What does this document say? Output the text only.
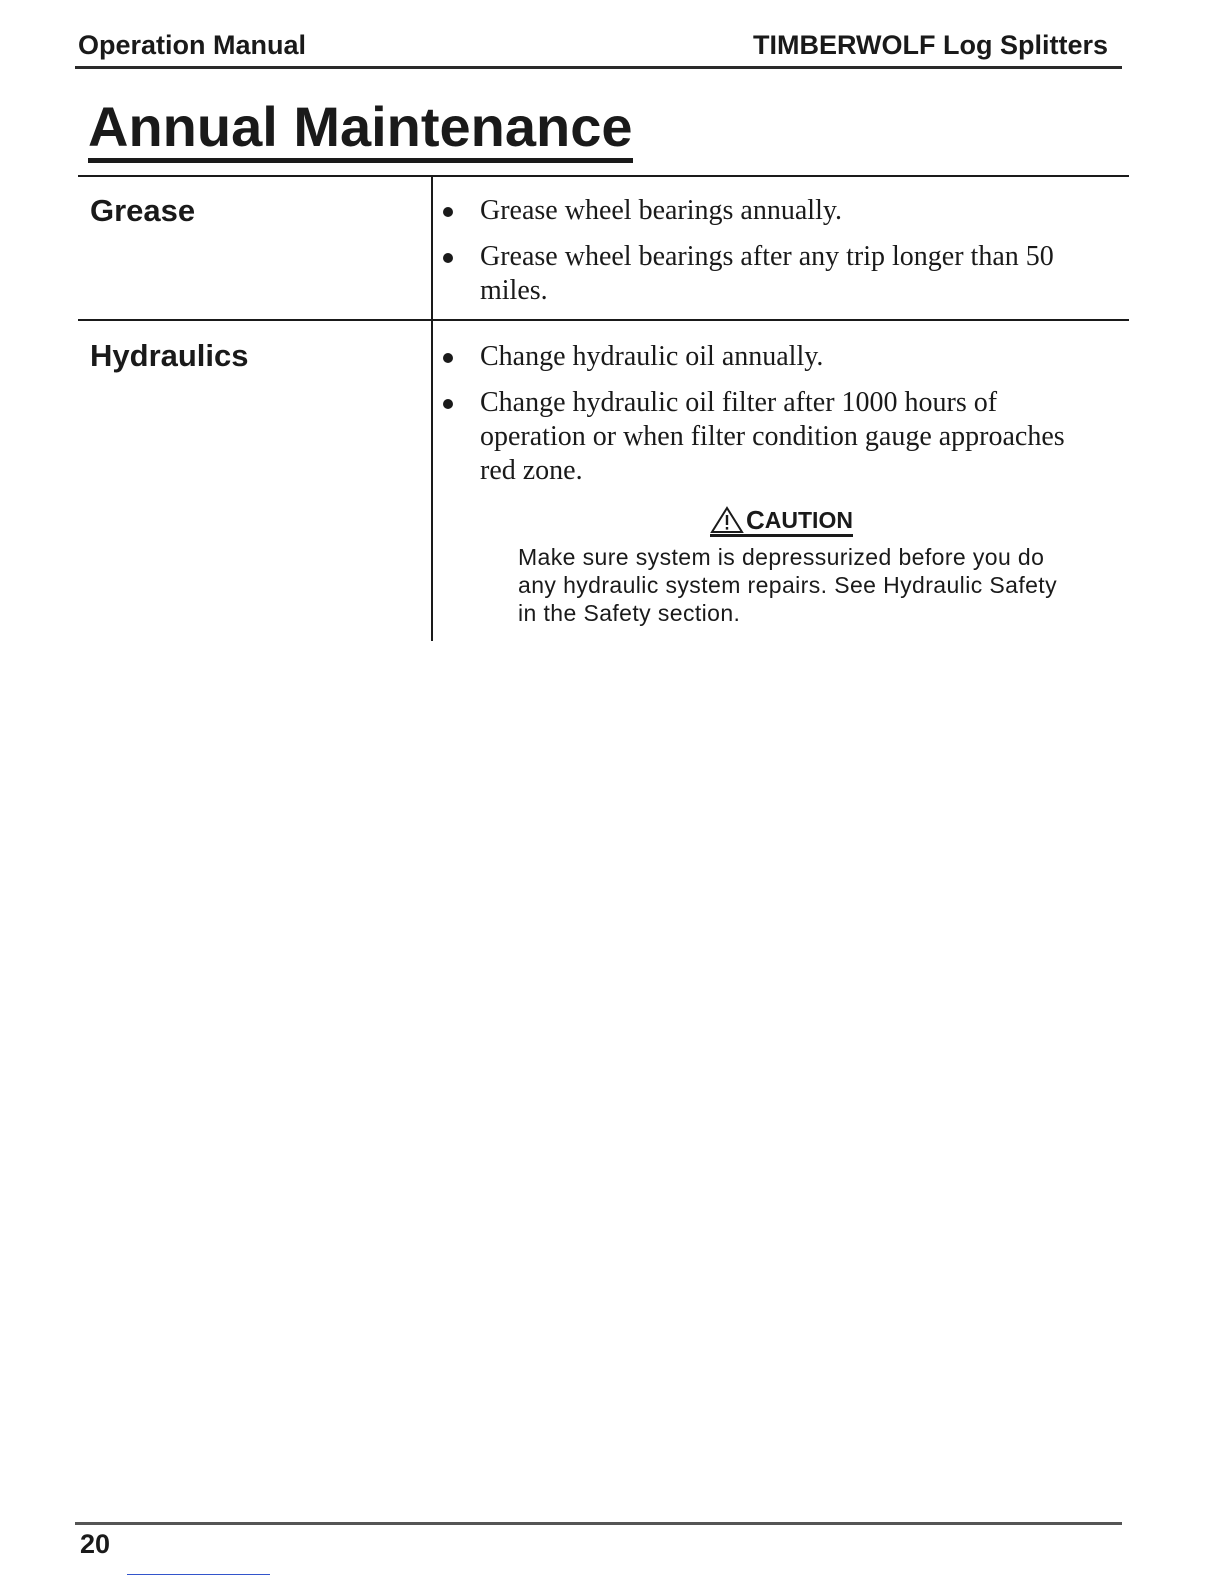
Operation Manual	TIMBERWOLF Log Splitters
Annual Maintenance
Grease	Grease wheel bearings annually.
Grease wheel bearings after any trip longer than 50 miles.
Hydraulics	Change hydraulic oil annually.
Change hydraulic oil filter after 1000 hours of operation or when filter condition gauge approaches red zone.
C AUTION
Make sure system is depressurized before you do any hydraulic system repairs. See Hydraulic Safety in the Safety section.
20
